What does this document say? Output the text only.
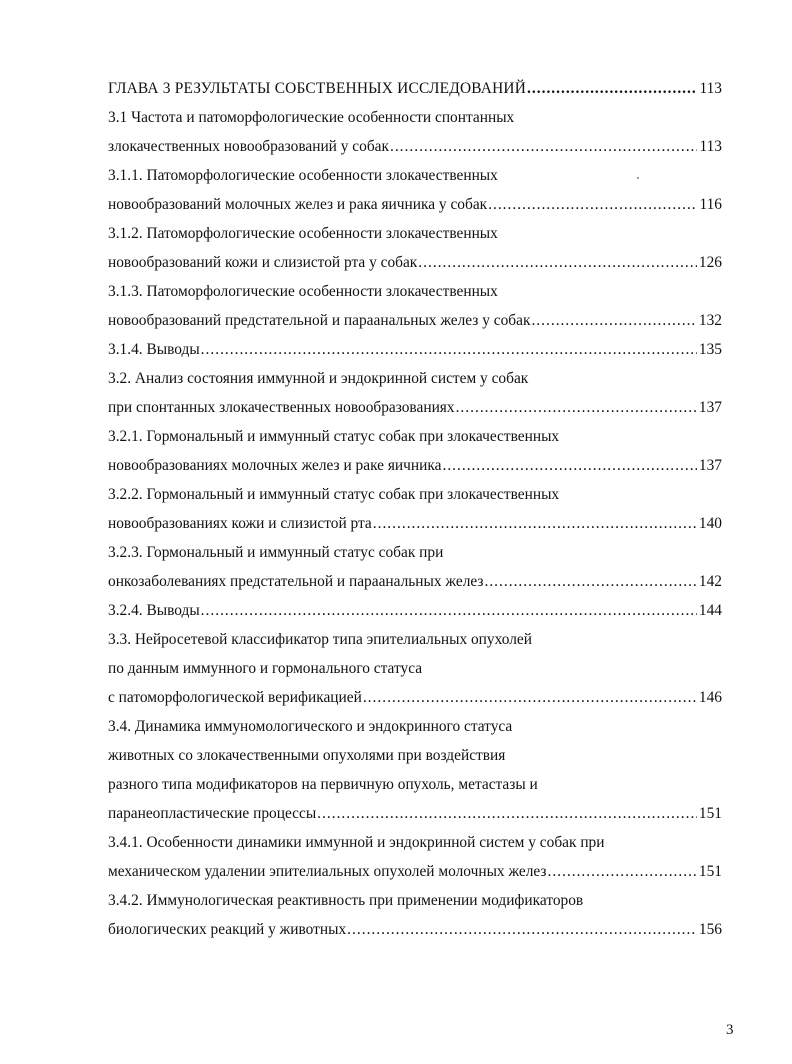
ГЛАВА 3 РЕЗУЛЬТАТЫ СОБСТВЕННЫХ ИССЛЕДОВАНИЙ .....	113
3.1 Частота и патоморфологические особенности спонтанных
злокачественных новообразований у собак .....	113
3.1.1. Патоморфологические особенности злокачественных
новообразований молочных желез и рака яичника у собак .....	116
3.1.2. Патоморфологические особенности злокачественных
новообразований кожи и слизистой рта у собак .....	126
3.1.3. Патоморфологические особенности злокачественных
новообразований предстательной и параанальных желез у собак .....	132
3.1.4. Выводы .....	135
3.2. Анализ состояния иммунной и эндокринной систем у собак
при спонтанных злокачественных новообразованиях .....	137
3.2.1. Гормональный и иммунный статус собак при злокачественных
новообразованиях молочных желез и раке яичника .....	137
3.2.2. Гормональный и иммунный статус собак при злокачественных
новообразованиях кожи и слизистой рта .....	140
3.2.3. Гормональный и иммунный статус собак при
онкозаболеваниях предстательной и параанальных желез .....	142
3.2.4. Выводы .....	144
3.3. Нейросетевой классификатор типа эпителиальных опухолей
по данным иммунного и гормонального статуса
с патоморфологической верификацией .....	146
3.4. Динамика иммуномологического и эндокринного статуса
животных со злокачественными опухолями при воздействия
разного типа модификаторов на первичную опухоль, метастазы и
паранеопластические процессы .....	151
3.4.1. Особенности динамики иммунной и эндокринной систем у собак при
механическом удалении эпителиальных опухолей молочных желез .....	151
3.4.2. Иммунологическая реактивность при применении модификаторов
биологических реакций у животных .....	156
3
